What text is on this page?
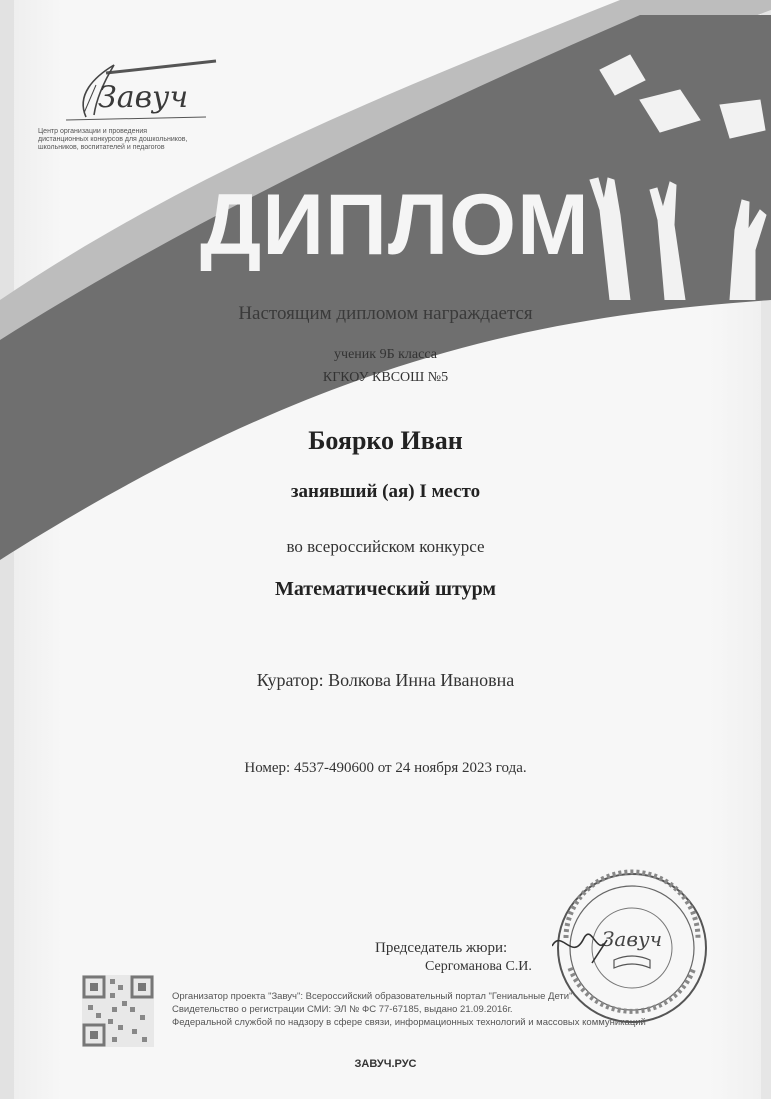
Завуч
Центр организации и проведения дистанционных конкурсов для дошкольников, школьников, воспитателей и педагогов
ДИПЛОМ
Настоящим дипломом награждается
ученик 9Б класса
КГКОУ КВСОШ №5
Боярко Иван
занявший (ая) I место
во всероссийском конкурсе
Математический штурм
Куратор: Волкова Инна Ивановна
Номер: 4537-490600 от 24 ноября 2023 года.
Председатель жюри:
Сергоманова С.И.
Завуч
Организатор проекта "Завуч": Всероссийский образовательный портал "Гениальные Дети"
Свидетельство о регистрации СМИ: ЭЛ № ФС 77-67185, выдано 21.09.2016г.
Федеральной службой по надзору в сфере связи, информационных технологий и массовых коммуникаций
ЗАВУЧ.РУС
